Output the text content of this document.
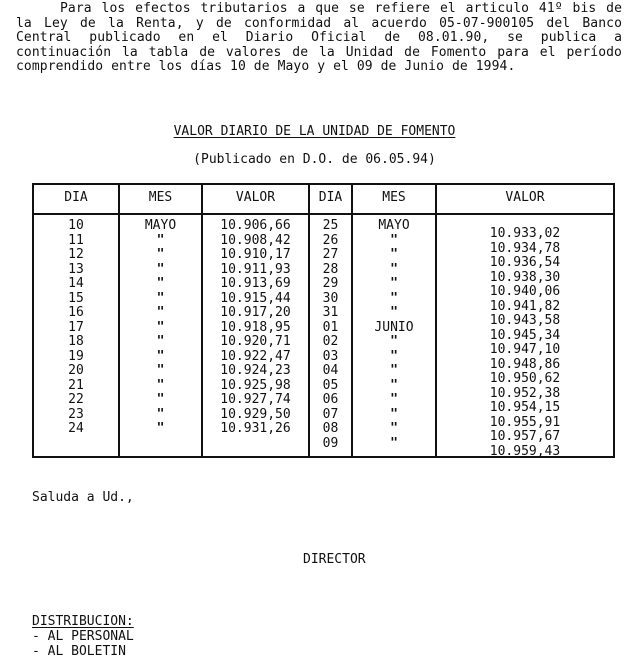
Para los efectos tributarios a que se refiere el articulo 41º bis de la Ley de la Renta, y de conformidad al acuerdo 05-07-900105 del Banco Central publicado en el Diario Oficial de 08.01.90, se publica a continuación la tabla de valores de la Unidad de Fomento para el período comprendido entre los días 10 de Mayo y el 09 de Junio de 1994.
VALOR DIARIO DE LA UNIDAD DE FOMENTO
(Publicado en D.O. de 06.05.94)
DIA
10
11
12
13
14
15
16
17
18
19
20
21
22
23
24
MES
MAYO
"
"
"
"
"
"
"
"
"
"
"
"
"
"
VALOR
10.906,66
10.908,42
10.910,17
10.911,93
10.913,69
10.915,44
10.917,20
10.918,95
10.920,71
10.922,47
10.924,23
10.925,98
10.927,74
10.929,50
10.931,26
DIA
25
26
27
28
29
30
31
01
02
03
04
05
06
07
08
09
MES
MAYO
"
"
"
"
"
"
JUNIO
"
"
"
"
"
"
"
"
VALOR
10.933,02
10.934,78
10.936,54
10.938,30
10.940,06
10.941,82
10.943,58
10.945,34
10.947,10
10.948,86
10.950,62
10.952,38
10.954,15
10.955,91
10.957,67
10.959,43
Saluda a Ud.,
DIRECTOR
DISTRIBUCION:
- AL PERSONAL
- AL BOLETIN
